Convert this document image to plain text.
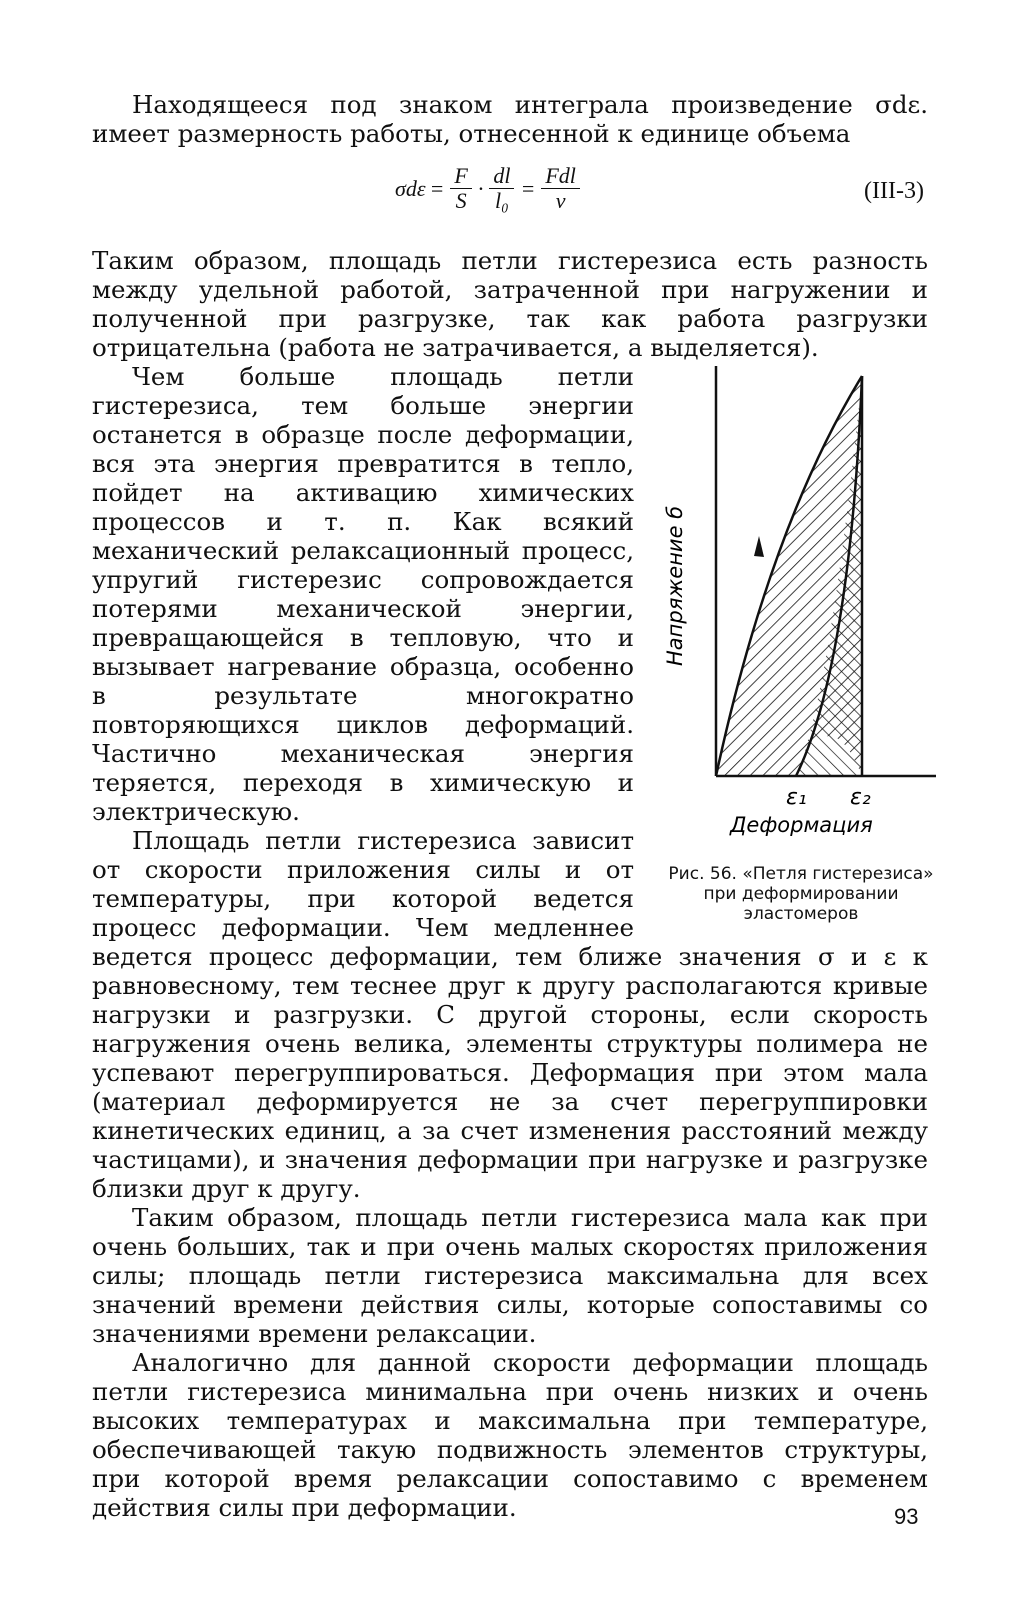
Находящееся под знаком интеграла произведение σdε. имеет размерность работы, отнесенной к единице объема

$\sigma d\varepsilon = \frac{F}{S} \cdot \frac{dl}{\text{l₀}} = \frac{\text{Fdl}}{v}$	(III-3)

Таким образом, площадь петли гистерезиса есть разность между удельной работой, затраченной при нагружении и полученной при разгрузке, так как работа разгрузки отрицательна (работа не затрачивается, а выделяется).

Напряжение б
Деформация
ε₁ ε₂
Рис. 56. «Петля гистерезиса» при деформировании эластомеров

Чем больше площадь петли гистерезиса, тем больше энергии останется в образце после деформации, вся эта энергия превратится в тепло, пойдет на активацию химических процессов и т. п. Как всякий механический релаксационный процесс, упругий гистерезис сопровождается потерями механической энергии, превращающейся в тепловую, что и вызывает нагревание образца, особенно в результате многократно повторяющихся циклов деформаций. Частично механическая энергия теряется, переходя в химическую и электрическую.

Площадь петли гистерезиса зависит от скорости приложения силы и от температуры, при которой ведется процесс деформации. Чем медленнее ведется процесс деформации, тем ближе значения σ и ε к равновесному, тем теснее друг к другу располагаются кривые нагрузки и разгрузки. С другой стороны, если скорость нагружения очень велика, элементы структуры полимера не успевают перегруппироваться. Деформация при этом мала (материал деформируется не за счет перегруппировки кинетических единиц, а за счет изменения расстояний между частицами), и значения деформации при нагрузке и разгрузке близки друг к другу.

Таким образом, площадь петли гистерезиса мала как при очень больших, так и при очень малых скоростях приложения силы; площадь петли гистерезиса максимальна для всех значений времени действия силы, которые сопоставимы со значениями времени релаксации.

Аналогично для данной скорости деформации площадь петли гистерезиса минимальна при очень низких и очень высоких температурах и максимальна при температуре, обеспечивающей такую подвижность элементов структуры, при которой время релаксации сопоставимо с временем действия силы при деформации.	93
